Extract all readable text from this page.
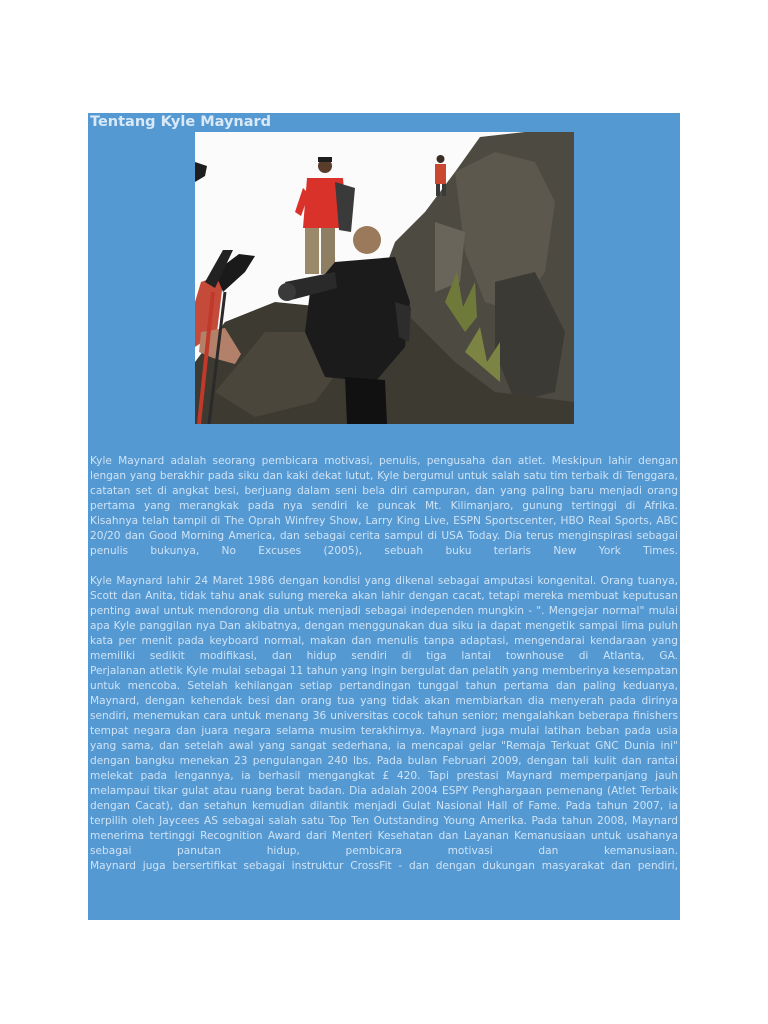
Tentang Kyle Maynard

Kyle Maynard adalah seorang pembicara motivasi, penulis, pengusaha dan atlet. Meskipun lahir dengan lengan yang berakhir pada siku dan kaki dekat lutut, Kyle bergumul untuk salah satu tim terbaik di Tenggara, catatan set di angkat besi, berjuang dalam seni bela diri campuran, dan yang paling baru menjadi orang pertama yang merangkak pada nya sendiri ke puncak Mt. Kilimanjaro, gunung tertinggi di Afrika.

Kisahnya telah tampil di The Oprah Winfrey Show, Larry King Live, ESPN Sportscenter, HBO Real Sports, ABC 20/20 dan Good Morning America, dan sebagai cerita sampul di USA Today. Dia terus menginspirasi sebagai penulis bukunya, No Excuses (2005), sebuah buku terlaris New York Times.

Kyle Maynard lahir 24 Maret 1986 dengan kondisi yang dikenal sebagai amputasi kongenital. Orang tuanya, Scott dan Anita, tidak tahu anak sulung mereka akan lahir dengan cacat, tetapi mereka membuat keputusan penting awal untuk mendorong dia untuk menjadi sebagai independen mungkin - ". Mengejar normal" mulai apa Kyle panggilan nya Dan akibatnya, dengan menggunakan dua siku ia dapat mengetik sampai lima puluh kata per menit pada keyboard normal, makan dan menulis tanpa adaptasi, mengendarai kendaraan yang memiliki sedikit modifikasi, dan hidup sendiri di tiga lantai townhouse di Atlanta, GA.

Perjalanan atletik Kyle mulai sebagai 11 tahun yang ingin bergulat dan pelatih yang memberinya kesempatan untuk mencoba. Setelah kehilangan setiap pertandingan tunggal tahun pertama dan paling keduanya, Maynard, dengan kehendak besi dan orang tua yang tidak akan membiarkan dia menyerah pada dirinya sendiri, menemukan cara untuk menang 36 universitas cocok tahun senior; mengalahkan beberapa finishers tempat negara dan juara negara selama musim terakhirnya. Maynard juga mulai latihan beban pada usia yang sama, dan setelah awal yang sangat sederhana, ia mencapai gelar "Remaja Terkuat GNC Dunia ini" dengan bangku menekan 23 pengulangan 240 lbs. Pada bulan Februari 2009, dengan tali kulit dan rantai melekat pada lengannya, ia berhasil mengangkat £ 420. Tapi prestasi Maynard memperpanjang jauh melampaui tikar gulat atau ruang berat badan. Dia adalah 2004 ESPY Penghargaan pemenang (Atlet Terbaik dengan Cacat), dan setahun kemudian dilantik menjadi Gulat Nasional Hall of Fame. Pada tahun 2007, ia terpilih oleh Jaycees AS sebagai salah satu Top Ten Outstanding Young Amerika. Pada tahun 2008, Maynard menerima tertinggi Recognition Award dari Menteri Kesehatan dan Layanan Kemanusiaan untuk usahanya sebagai panutan hidup, pembicara motivasi dan kemanusiaan.

Maynard juga bersertifikat sebagai instruktur CrossFit - dan dengan dukungan masyarakat dan pendiri,
